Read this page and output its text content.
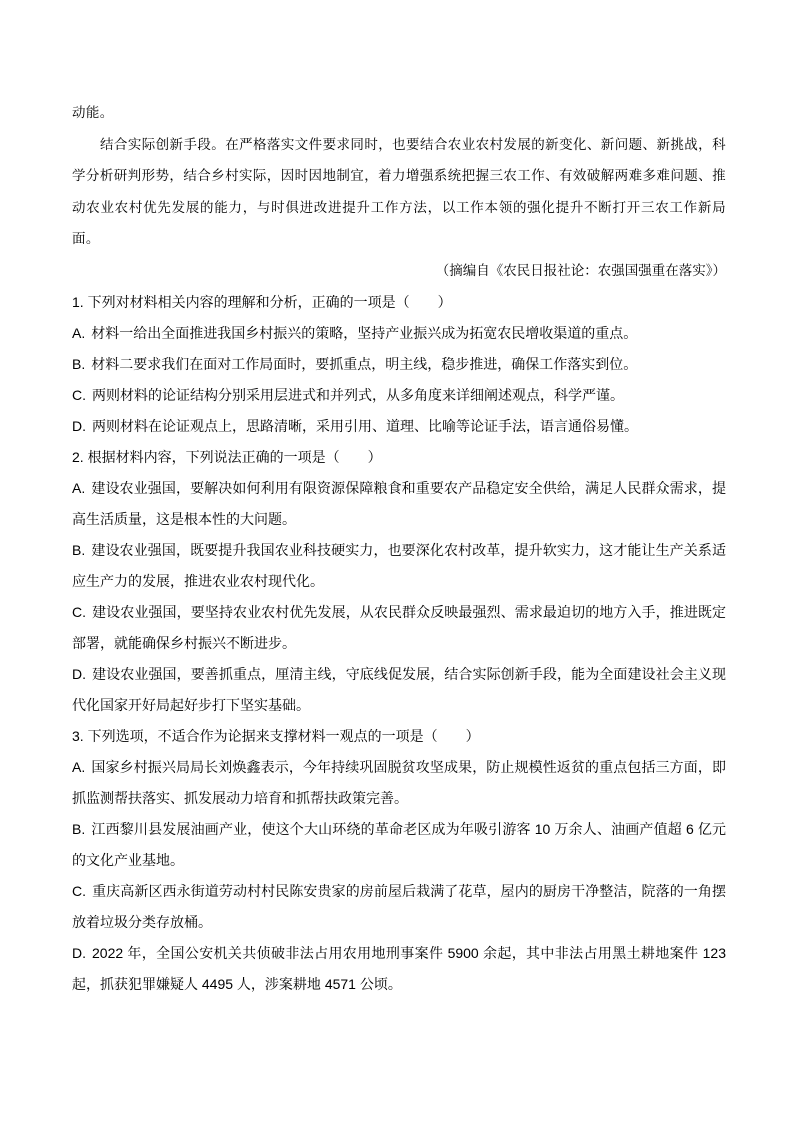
动能。

结合实际创新手段。在严格落实文件要求同时，也要结合农业农村发展的新变化、新问题、新挑战，科学分析研判形势，结合乡村实际，因时因地制宜，着力增强系统把握三农工作、有效破解两难多难问题、推动农业农村优先发展的能力，与时俱进改进提升工作方法，以工作本领的强化提升不断打开三农工作新局面。

（摘编自《农民日报社论：农强国强重在落实》）

1. 下列对材料相关内容的理解和分析，正确的一项是（　　）

A. 材料一给出全面推进我国乡村振兴的策略，坚持产业振兴成为拓宽农民增收渠道的重点。

B. 材料二要求我们在面对工作局面时，要抓重点，明主线，稳步推进，确保工作落实到位。

C. 两则材料的论证结构分别采用层进式和并列式，从多角度来详细阐述观点，科学严谨。

D. 两则材料在论证观点上，思路清晰，采用引用、道理、比喻等论证手法，语言通俗易懂。

2. 根据材料内容，下列说法正确的一项是（　　）

A. 建设农业强国，要解决如何利用有限资源保障粮食和重要农产品稳定安全供给，满足人民群众需求，提高生活质量，这是根本性的大问题。

B. 建设农业强国，既要提升我国农业科技硬实力，也要深化农村改革，提升软实力，这才能让生产关系适应生产力的发展，推进农业农村现代化。

C. 建设农业强国，要坚持农业农村优先发展，从农民群众反映最强烈、需求最迫切的地方入手，推进既定部署，就能确保乡村振兴不断进步。

D. 建设农业强国，要善抓重点，厘清主线，守底线促发展，结合实际创新手段，能为全面建设社会主义现代化国家开好局起好步打下坚实基础。

3. 下列选项，不适合作为论据来支撑材料一观点的一项是（　　）

A. 国家乡村振兴局局长刘焕鑫表示，今年持续巩固脱贫攻坚成果，防止规模性返贫的重点包括三方面，即抓监测帮扶落实、抓发展动力培育和抓帮扶政策完善。

B. 江西黎川县发展油画产业，使这个大山环绕的革命老区成为年吸引游客 10 万余人、油画产值超 6 亿元的文化产业基地。

C. 重庆高新区西永街道劳动村村民陈安贵家的房前屋后栽满了花草，屋内的厨房干净整洁，院落的一角摆放着垃圾分类存放桶。

D. 2022 年，全国公安机关共侦破非法占用农用地刑事案件 5900 余起，其中非法占用黑土耕地案件 123 起，抓获犯罪嫌疑人 4495 人，涉案耕地 4571 公顷。
